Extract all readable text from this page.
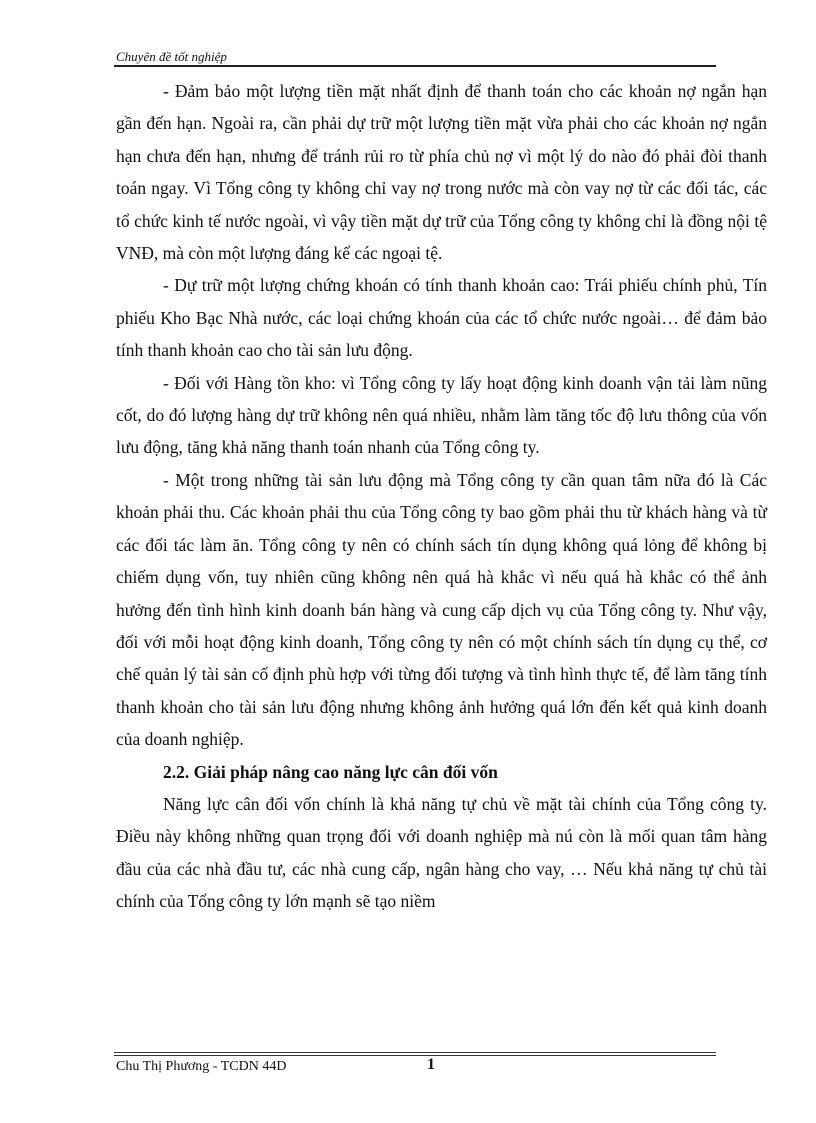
Chuyên đề tốt nghiệp

- Đảm bảo một lượng tiền mặt nhất định để thanh toán cho các khoản nợ ngắn hạn gần đến hạn. Ngoài ra, cần phải dự trữ một lượng tiền mặt vừa phải cho các khoản nợ ngắn hạn chưa đến hạn, nhưng để tránh rủi ro từ phía chủ nợ vì một lý do nào đó phải đòi thanh toán ngay. Vì Tổng công ty không chỉ vay nợ trong nước mà còn vay nợ từ các đối tác, các tổ chức kinh tế nước ngoài, vì vậy tiền mặt dự trữ của Tổng công ty không chỉ là đồng nội tệ VNĐ, mà còn một lượng đáng kể các ngoại tệ.

- Dự trữ một lượng chứng khoán có tính thanh khoản cao: Trái phiếu chính phủ, Tín phiếu Kho Bạc Nhà nước, các loại chứng khoán của các tổ chức nước ngoài… để đảm bảo tính thanh khoản cao cho tài sản lưu động.

- Đối với Hàng tồn kho: vì Tổng công ty lấy hoạt động kinh doanh vận tải làm nũng cốt, do đó lượng hàng dự trữ không nên quá nhiều, nhằm làm tăng tốc độ lưu thông của vốn lưu động, tăng khả năng thanh toán nhanh của Tổng công ty.

- Một trong những tài sản lưu động mà Tổng công ty cần quan tâm nữa đó là Các khoản phải thu. Các khoản phải thu của Tổng công ty bao gồm phải thu từ khách hàng và từ các đối tác làm ăn. Tổng công ty nên có chính sách tín dụng không quá lỏng để không bị chiếm dụng vốn, tuy nhiên cũng không nên quá hà khắc vì nếu quá hà khắc có thể ảnh hưởng đến tình hình kinh doanh bán hàng và cung cấp dịch vụ của Tổng công ty. Như vậy, đối với mỗi hoạt động kinh doanh, Tổng công ty nên có một chính sách tín dụng cụ thể, cơ chế quản lý tài sản cố định phù hợp với từng đối tượng và tình hình thực tế, để làm tăng tính thanh khoản cho tài sản lưu động nhưng không ảnh hưởng quá lớn đến kết quả kinh doanh của doanh nghiệp.

2.2. Giải pháp nâng cao năng lực cân đối vốn

Năng lực cân đối vốn chính là khả năng tự chủ về mặt tài chính của Tổng công ty. Điều này không những quan trọng đối với doanh nghiệp mà nú còn là mối quan tâm hàng đầu của các nhà đầu tư, các nhà cung cấp, ngân hàng cho vay, … Nếu khả năng tự chủ tài chính của Tổng công ty lớn mạnh sẽ tạo niềm

Chu Thị Phương - TCDN 44D	1
